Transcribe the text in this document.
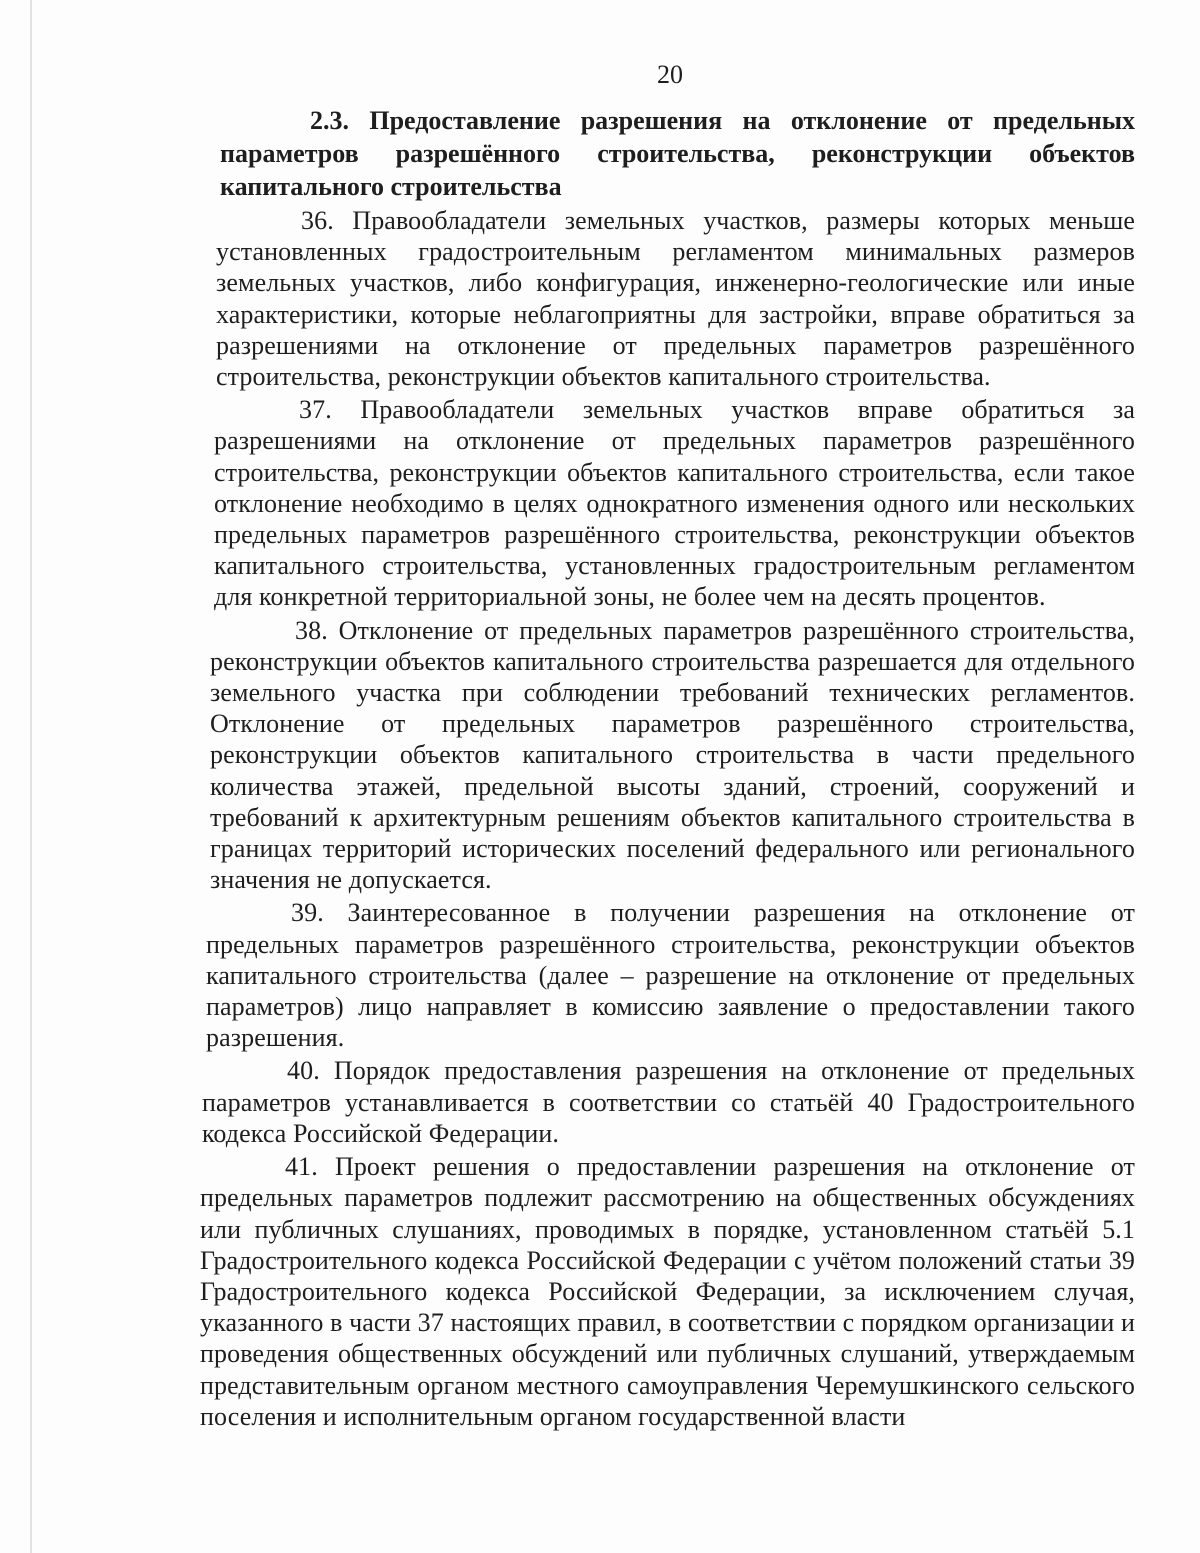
20

2.3. Предоставление разрешения на отклонение от предельных параметров разрешённого строительства, реконструкции объектов капитального строительства

36. Правообладатели земельных участков, размеры которых меньше установленных градостроительным регламентом минимальных размеров земельных участков, либо конфигурация, инженерно-геологические или иные характеристики, которые неблагоприятны для застройки, вправе обратиться за разрешениями на отклонение от предельных параметров разрешённого строительства, реконструкции объектов капитального строительства.

37. Правообладатели земельных участков вправе обратиться за разрешениями на отклонение от предельных параметров разрешённого строительства, реконструкции объектов капитального строительства, если такое отклонение необходимо в целях однократного изменения одного или нескольких предельных параметров разрешённого строительства, реконструкции объектов капитального строительства, установленных градостроительным регламентом для конкретной территориальной зоны, не более чем на десять процентов.

38. Отклонение от предельных параметров разрешённого строительства, реконструкции объектов капитального строительства разрешается для отдельного земельного участка при соблюдении требований технических регламентов. Отклонение от предельных параметров разрешённого строительства, реконструкции объектов капитального строительства в части предельного количества этажей, предельной высоты зданий, строений, сооружений и требований к архитектурным решениям объектов капитального строительства в границах территорий исторических поселений федерального или регионального значения не допускается.

39. Заинтересованное в получении разрешения на отклонение от предельных параметров разрешённого строительства, реконструкции объектов капитального строительства (далее – разрешение на отклонение от предельных параметров) лицо направляет в комиссию заявление о предоставлении такого разрешения.

40. Порядок предоставления разрешения на отклонение от предельных параметров устанавливается в соответствии со статьёй 40 Градостроительного кодекса Российской Федерации.

41. Проект решения о предоставлении разрешения на отклонение от предельных параметров подлежит рассмотрению на общественных обсуждениях или публичных слушаниях, проводимых в порядке, установленном статьёй 5.1 Градостроительного кодекса Российской Федерации с учётом положений статьи 39 Градостроительного кодекса Российской Федерации, за исключением случая, указанного в части 37 настоящих правил, в соответствии с порядком организации и проведения общественных обсуждений или публичных слушаний, утверждаемым представительным органом местного самоуправления Черемушкинского сельского поселения и исполнительным органом государственной власти
